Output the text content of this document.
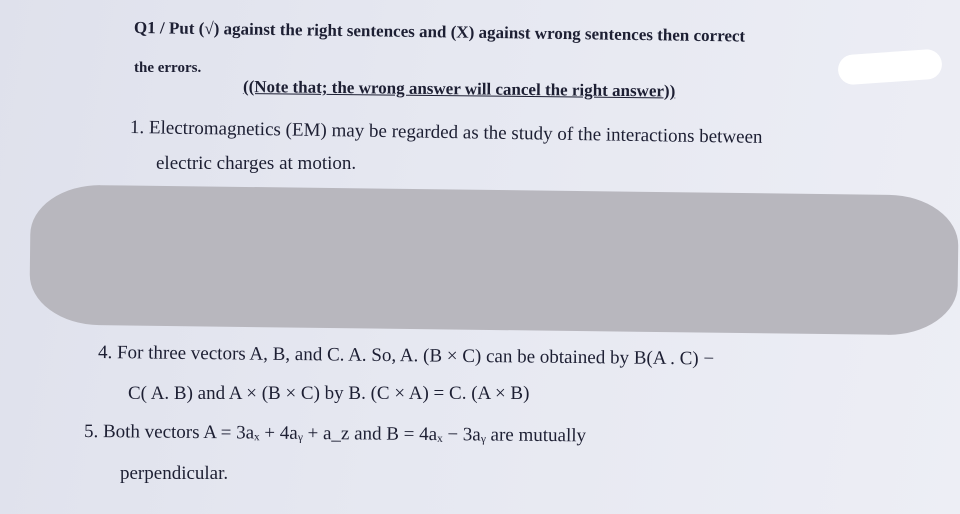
Q1 / Put (√) against the right sentences and (X) against wrong sentences then correct
the errors.
((Note that; the wrong answer will cancel the right answer))
1. Electromagnetics (EM) may be regarded as the study of the interactions between
electric charges at motion.
4. For three vectors A, B, and C. A. So, A. (B × C) can be obtained by B(A . C) −
C( A. B) and A × (B × C) by B. (C × A) = C. (A × B)
5. Both vectors A = 3aₓ + 4aᵧ + a_z and B = 4aₓ − 3aᵧ are mutually
perpendicular.
